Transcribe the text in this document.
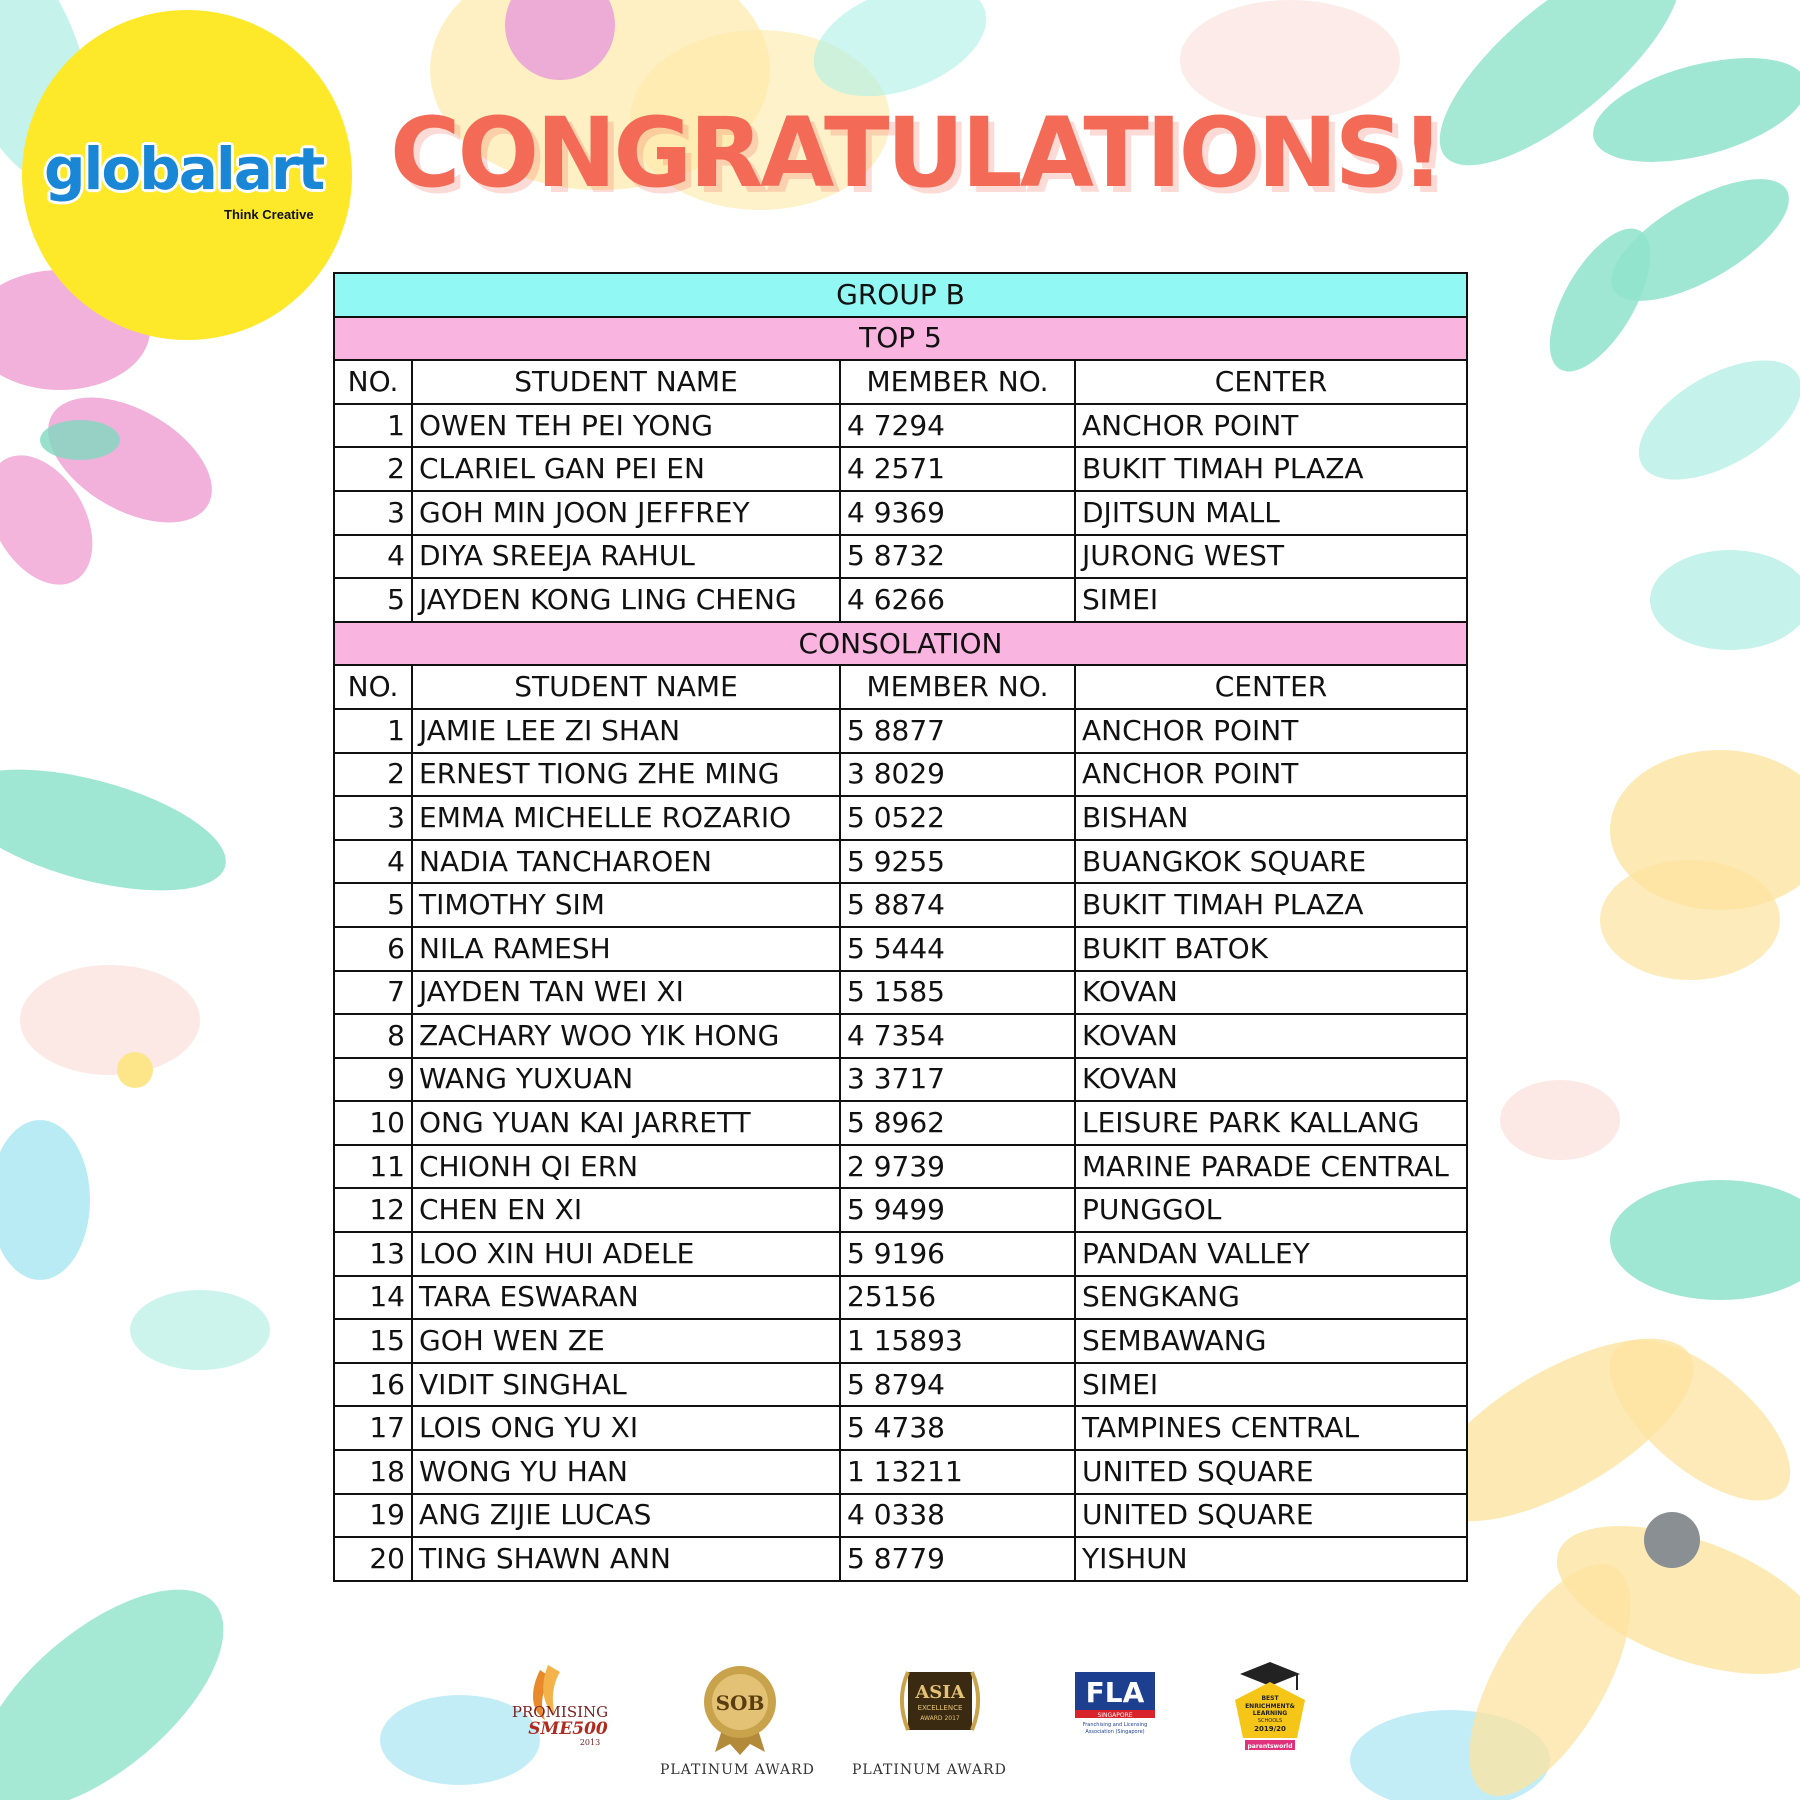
globalart
Think Creative
CONGRATULATIONS!
GROUP B			
TOP 5			
NO.	STUDENT NAME	MEMBER NO.	CENTER
1	OWEN TEH PEI YONG	4 7294	ANCHOR POINT
2	CLARIEL GAN PEI EN	4 2571	BUKIT TIMAH PLAZA
3	GOH MIN JOON JEFFREY	4 9369	DJITSUN MALL
4	DIYA SREEJA RAHUL	5 8732	JURONG WEST
5	JAYDEN KONG LING CHENG	4 6266	SIMEI
CONSOLATION			
NO.	STUDENT NAME	MEMBER NO.	CENTER
1	JAMIE LEE ZI SHAN	5 8877	ANCHOR POINT
2	ERNEST TIONG ZHE MING	3 8029	ANCHOR POINT
3	EMMA MICHELLE ROZARIO	5 0522	BISHAN
4	NADIA TANCHAROEN	5 9255	BUANGKOK SQUARE
5	TIMOTHY SIM	5 8874	BUKIT TIMAH PLAZA
6	NILA RAMESH	5 5444	BUKIT BATOK
7	JAYDEN TAN WEI XI	5 1585	KOVAN
8	ZACHARY WOO YIK HONG	4 7354	KOVAN
9	WANG YUXUAN	3 3717	KOVAN
10	ONG YUAN KAI JARRETT	5 8962	LEISURE PARK KALLANG
11	CHIONH QI ERN	2 9739	MARINE PARADE CENTRAL
12	CHEN EN XI	5 9499	PUNGGOL
13	LOO XIN HUI ADELE	5 9196	PANDAN VALLEY
14	TARA ESWARAN	25156	SENGKANG
15	GOH WEN ZE	1 15893	SEMBAWANG
16	VIDIT SINGHAL	5 8794	SIMEI
17	LOIS ONG YU XI	5 4738	TAMPINES CENTRAL
18	WONG YU HAN	1 13211	UNITED SQUARE
19	ANG ZIJIE LUCAS	4 0338	UNITED SQUARE
20	TING SHAWN ANN	5 8779	YISHUN
PROMISING
SME500
2013
SOB
PLATINUM AWARD
ASIA
EXCELLENCE
AWARD 2017
PLATINUM AWARD
FLA
SINGAPORE
Franchising and Licensing
Association (Singapore)
BEST
ENRICHMENT&
LEARNING
SCHOOLS
2019/20
parentsworld
